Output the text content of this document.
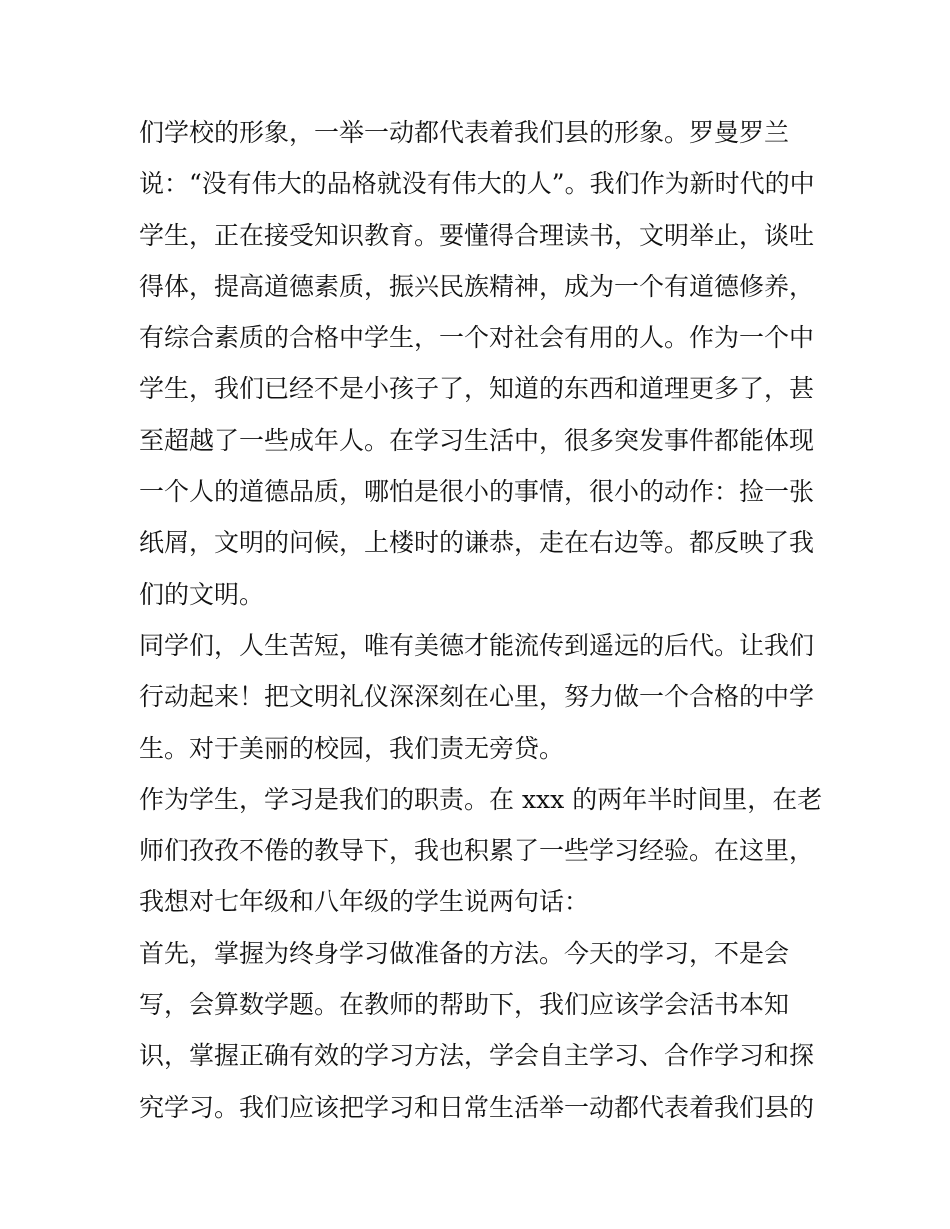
们学校的形象，一举一动都代表着我们县的形象。罗曼罗兰
说：“没有伟大的品格就没有伟大的人”。我们作为新时代的中
学生，正在接受知识教育。要懂得合理读书，文明举止，谈吐
得体，提高道德素质，振兴民族精神，成为一个有道德修养，
有综合素质的合格中学生，一个对社会有用的人。作为一个中
学生，我们已经不是小孩子了，知道的东西和道理更多了，甚
至超越了一些成年人。在学习生活中，很多突发事件都能体现
一个人的道德品质，哪怕是很小的事情，很小的动作：捡一张
纸屑，文明的问候，上楼时的谦恭，走在右边等。都反映了我
们的文明。
同学们，人生苦短，唯有美德才能流传到遥远的后代。让我们
行动起来！把文明礼仪深深刻在心里，努力做一个合格的中学
生。对于美丽的校园，我们责无旁贷。
作为学生，学习是我们的职责。在 xxx 的两年半时间里，在老
师们孜孜不倦的教导下，我也积累了一些学习经验。在这里，
我想对七年级和八年级的学生说两句话：
首先，掌握为终身学习做准备的方法。今天的学习，不是会
写，会算数学题。在教师的帮助下，我们应该学会活书本知
识，掌握正确有效的学习方法，学会自主学习、合作学习和探
究学习。我们应该把学习和日常生活举一动都代表着我们县的
